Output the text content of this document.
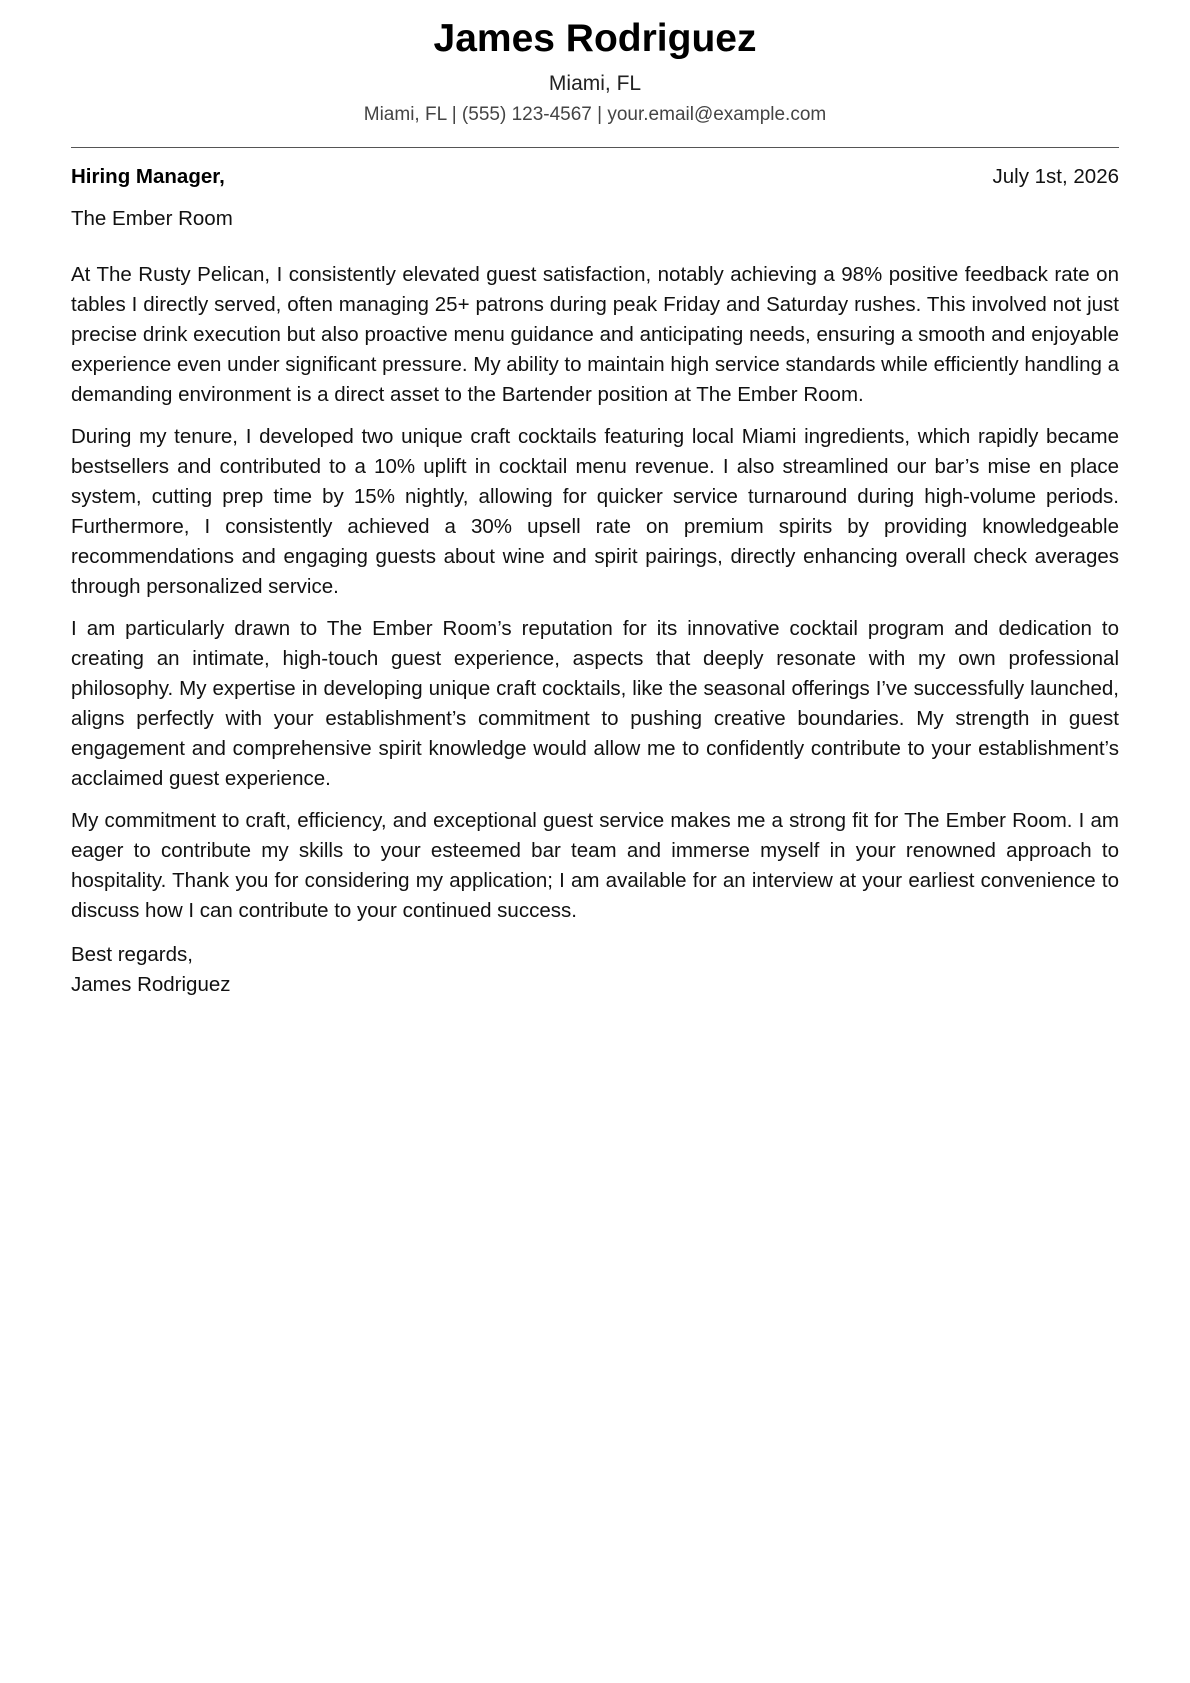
James Rodriguez
Miami, FL
Miami, FL | (555) 123-4567 | your.email@example.com
Hiring Manager,	July 1st, 2026
The Ember Room

At The Rusty Pelican, I consistently elevated guest satisfaction, notably achieving a 98% positive feedback rate on tables I directly served, often managing 25+ patrons during peak Friday and Saturday rushes. This involved not just precise drink execution but also proactive menu guidance and anticipating needs, ensuring a smooth and enjoyable experience even under significant pressure. My ability to maintain high service standards while efficiently handling a demanding environment is a direct asset to the Bartender position at The Ember Room.

During my tenure, I developed two unique craft cocktails featuring local Miami ingredients, which rapidly became bestsellers and contributed to a 10% uplift in cocktail menu revenue. I also streamlined our bar’s mise en place system, cutting prep time by 15% nightly, allowing for quicker service turnaround during high-volume periods. Furthermore, I consistently achieved a 30% upsell rate on premium spirits by providing knowledgeable recommendations and engaging guests about wine and spirit pairings, directly enhancing overall check averages through personalized service.

I am particularly drawn to The Ember Room’s reputation for its innovative cocktail program and dedication to creating an intimate, high-touch guest experience, aspects that deeply resonate with my own professional philosophy. My expertise in developing unique craft cocktails, like the seasonal offerings I’ve successfully launched, aligns perfectly with your establishment’s commitment to pushing creative boundaries. My strength in guest engagement and comprehensive spirit knowledge would allow me to confidently contribute to your establishment’s acclaimed guest experience.

My commitment to craft, efficiency, and exceptional guest service makes me a strong fit for The Ember Room. I am eager to contribute my skills to your esteemed bar team and immerse myself in your renowned approach to hospitality. Thank you for considering my application; I am available for an interview at your earliest convenience to discuss how I can contribute to your continued success.

Best regards,
James Rodriguez
